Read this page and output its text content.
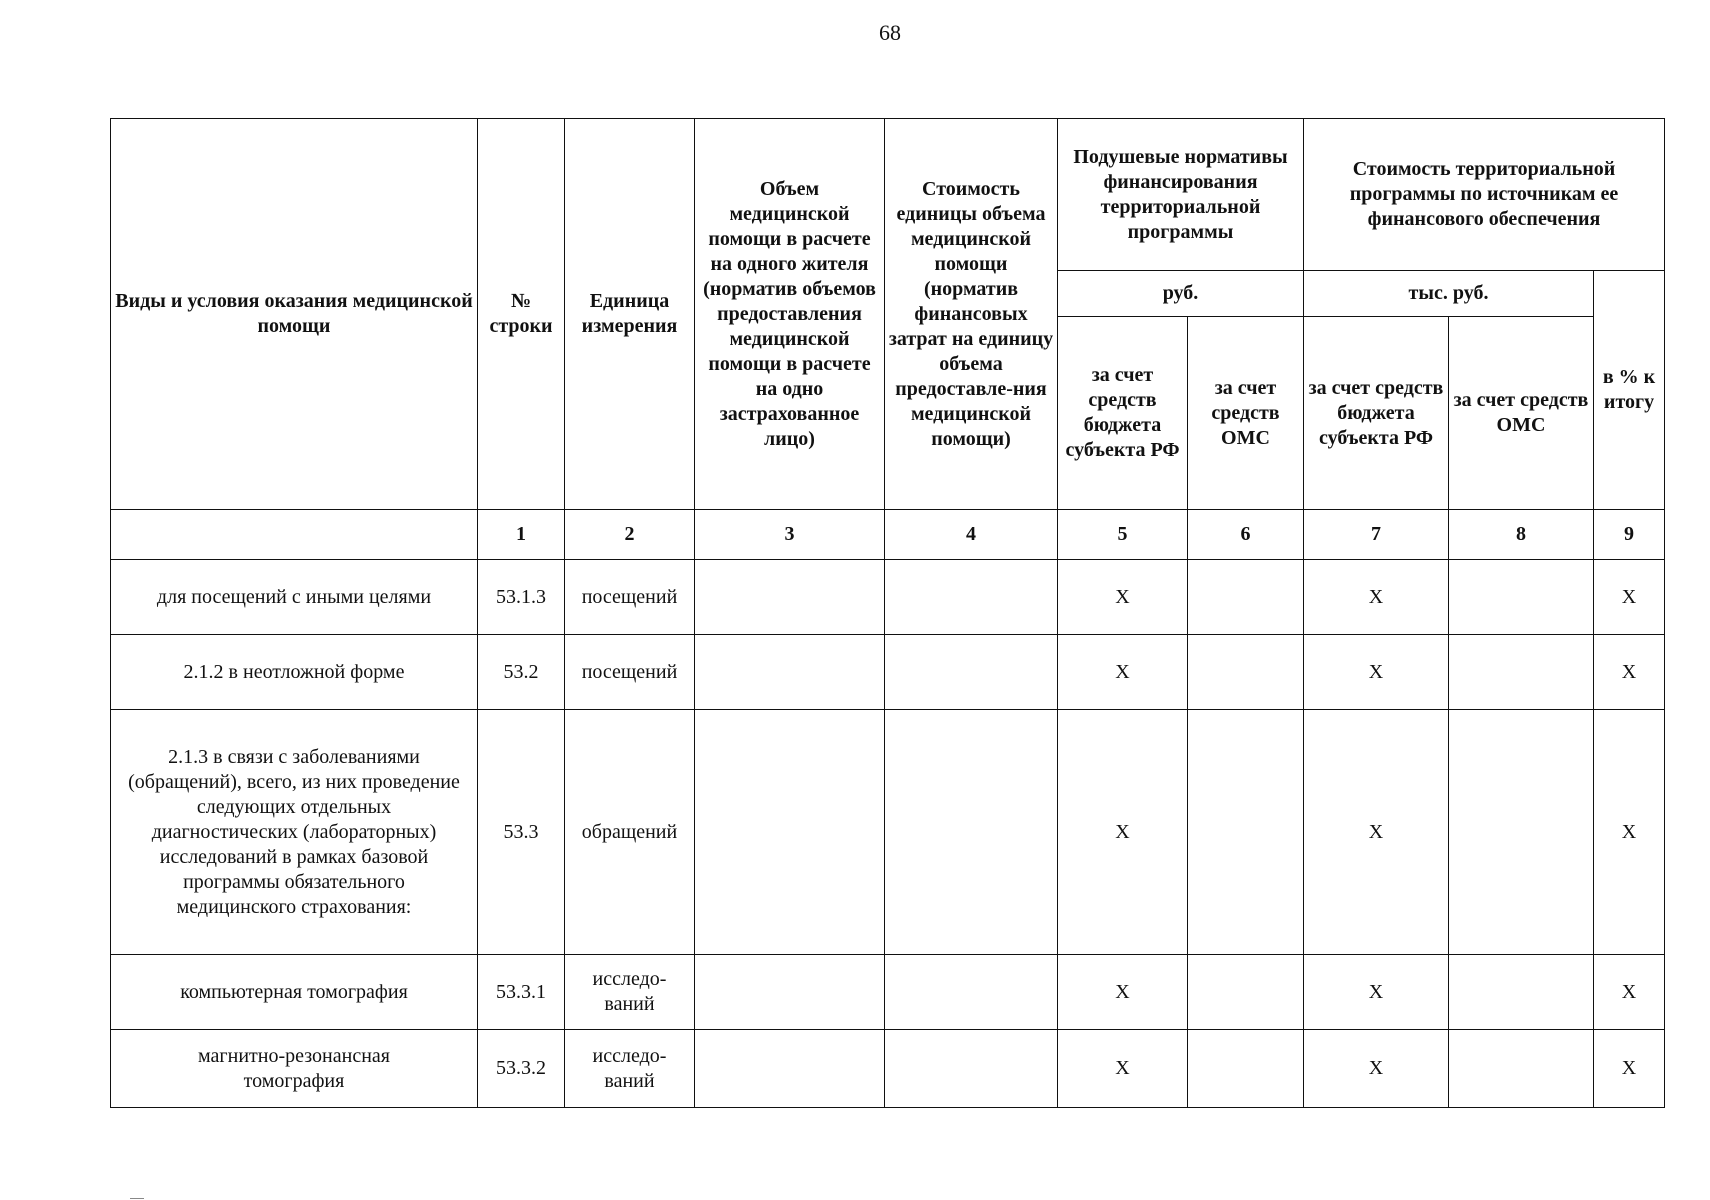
68
Виды и условия оказания медицинской помощи	№ строки	Единица измерения	Объем медицинской помощи в расчете на одного жителя (норматив объемов предоставления медицинской помощи в расчете на одно застрахованное лицо)	Стоимость единицы объема медицинской помощи (норматив финансовых затрат на единицу объема предоставле-ния медицинской помощи)	Подушевые нормативы финансирования территориальной программы		Стоимость территориальной программы по источникам ее финансового обеспечения		
					руб.		тыс. руб.		в % к итогу
					за счет средств бюджета субъекта РФ	за счет средств ОМС	за счет средств бюджета субъекта РФ	за счет средств ОМС	
	1	2	3	4	5	6	7	8	9
для посещений с иными целями	53.1.3	посещений			X		X		X
2.1.2 в неотложной форме	53.2	посещений			X		X		X
2.1.3 в связи с заболеваниями (обращений), всего, из них проведение следующих отдельных диагностических (лабораторных) исследований в рамках базовой программы обязательного медицинского страхования:	53.3	обращений			X		X		X
компьютерная томография	53.3.1	исследо-ваний			X		X		X
магнитно-резонансная томография	53.3.2	исследо-ваний			X		X		X
